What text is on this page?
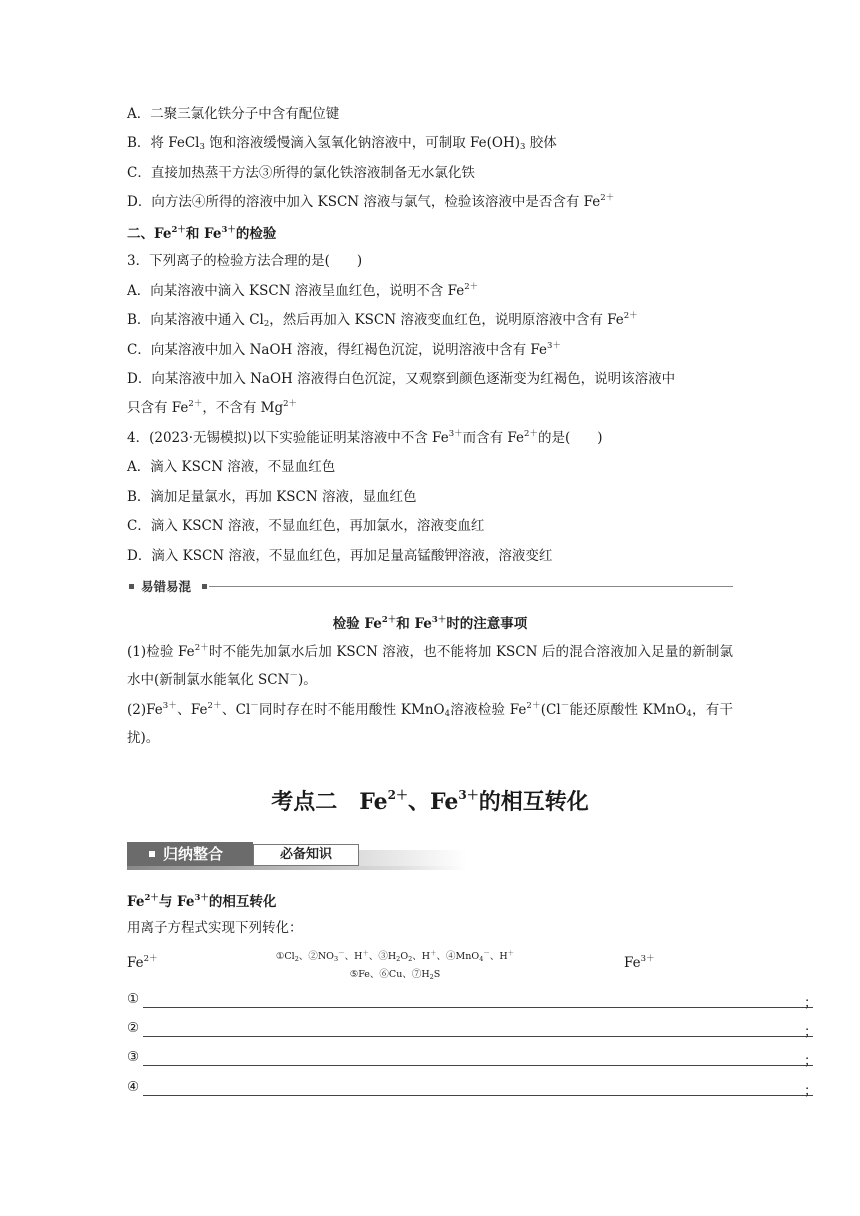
A．二聚三氯化铁分子中含有配位键
B．将 FeCl$_3$ 饱和溶液缓慢滴入氢氧化钠溶液中，可制取 $Fe(OH)_3$ 胶体
C．直接加热蒸干方法③所得的氯化铁溶液制备无水氯化铁
D．向方法④所得的溶液中加入 KSCN 溶液与氯气，检验该溶液中是否含有 $Fe^{2+}$
二、$Fe^{2+}$和 $Fe^{3+}$的检验
3．下列离子的检验方法合理的是(　　)
A．向某溶液中滴入 KSCN 溶液呈血红色，说明不含 $Fe^{2+}$
B．向某溶液中通入 $Cl_2$，然后再加入 KSCN 溶液变血红色，说明原溶液中含有 $Fe^{2+}$
C．向某溶液中加入 NaOH 溶液，得红褐色沉淀，说明溶液中含有 $Fe^{3+}$
D．向某溶液中加入 NaOH 溶液得白色沉淀，又观察到颜色逐渐变为红褐色，说明该溶液中
只含有 $Fe^{2+}$，不含有 $Mg^{2+}$
4．(2023·无锡模拟)以下实验能证明某溶液中不含 $Fe^{3+}$而含有 $Fe^{2+}$的是(　　)
A．滴入 KSCN 溶液，不显血红色
B．滴加足量氯水，再加 KSCN 溶液，显血红色
C．滴入 KSCN 溶液，不显血红色，再加氯水，溶液变血红
D．滴入 KSCN 溶液，不显血红色，再加足量高锰酸钾溶液，溶液变红
易错易混
检验 $Fe^{2+}$和 $Fe^{3+}$时的注意事项
(1)检验 $Fe^{2+}$时不能先加氯水后加 KSCN 溶液，也不能将加 KSCN 后的混合溶液加入足量的新制氯水中(新制氯水能氧化 SCN－)。
$(2)Fe^{3+}$、$Fe^{2+}$、Cl－同时存在时不能用酸性 KMnO$_4$溶液检验 $Fe^{2+}(Cl^-$能还原酸性 KMnO$_4$，有干扰)。
考点二　$Fe^{2+}$、$Fe^{3+}$的相互转化
归纳整合	必备知识
$Fe^{2+}$与 $Fe^{3+}$的相互转化
用离子方程式实现下列转化：
$Fe^{2+}$	$①Cl_2$、$②NO_3^-$、H＋、$③H_2O_2$、H＋、④MnO$_4$－、H＋
⑤Fe、⑥Cu、$⑦H_2S$
$Fe^{3+}$
①	；
②	；
③	；
④	；
